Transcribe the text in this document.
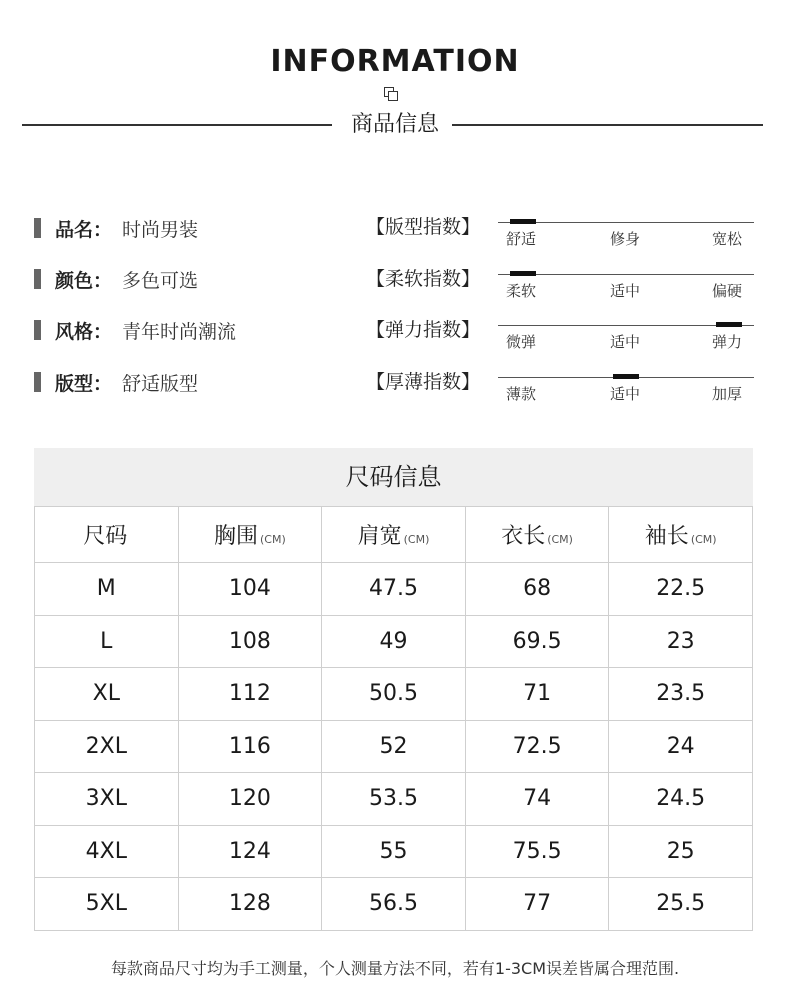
INFORMATION
商品信息
品名 ： 时尚男装
颜色 ： 多色可选
风格 ： 青年时尚潮流
版型 ： 舒适版型
【版型指数】
舒适	修身	宽松
【柔软指数】
柔软	适中	偏硬
【弹力指数】
微弹	适中	弹力
【厚薄指数】
薄款	适中	加厚
尺码信息
尺码	胸围 (CM)	肩宽 (CM)	衣长 (CM)	袖长 (CM)
M	104	47.5	68	22.5
L	108	49	69.5	23
XL	112	50.5	71	23.5
2XL	116	52	72.5	24
3XL	120	53.5	74	24.5
4XL	124	55	75.5	25
5XL	128	56.5	77	25.5
每款商品尺寸均为手工测量，个人测量方法不同，若有1-3CM误差皆属合理范围.
